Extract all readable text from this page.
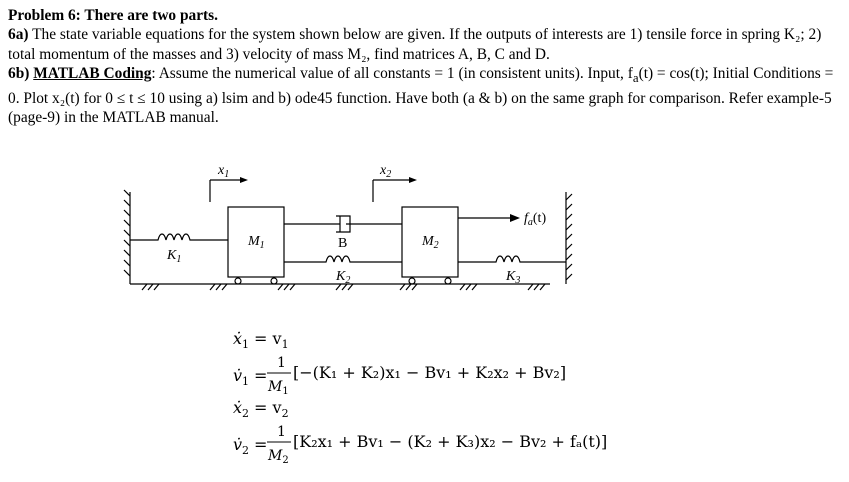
Problem 6: There are two parts.

6a) The state variable equations for the system shown below are given. If the outputs of interests are 1) tensile force in spring K₂; 2) total momentum of the masses and 3) velocity of mass M₂, find matrices A, B, C and D.

6b) MATLAB Coding: Assume the numerical value of all constants = 1 (in consistent units). Input, $f_a(t) = \cos(t)$; Initial Conditions = 0. Plot x₂(t) for 0 ≤ t ≤ 10 using a) lsim and b) ode45 function. Have both (a & b) on the same graph for comparison. Refer example-5 (page-9) in the MATLAB manual.

$x_1$	$x_2$
$M_1$	$M_2$
$K_1$
$K_2$	$K_3$
B
$f_a(t)$
ẋ$_1$ = $v_1$
$v̇_1$ =
1
$M_1$
[−(K₁ + K₂)x₁ − Bv₁ + K₂x₂ + Bv₂]
ẋ$_2$ = $v_2$
$v̇_2$ =
1
$M_2$
[K₂x₁ + Bv₁ − (K₂ + K₃)x₂ − Bv₂ + fₐ(t)]
